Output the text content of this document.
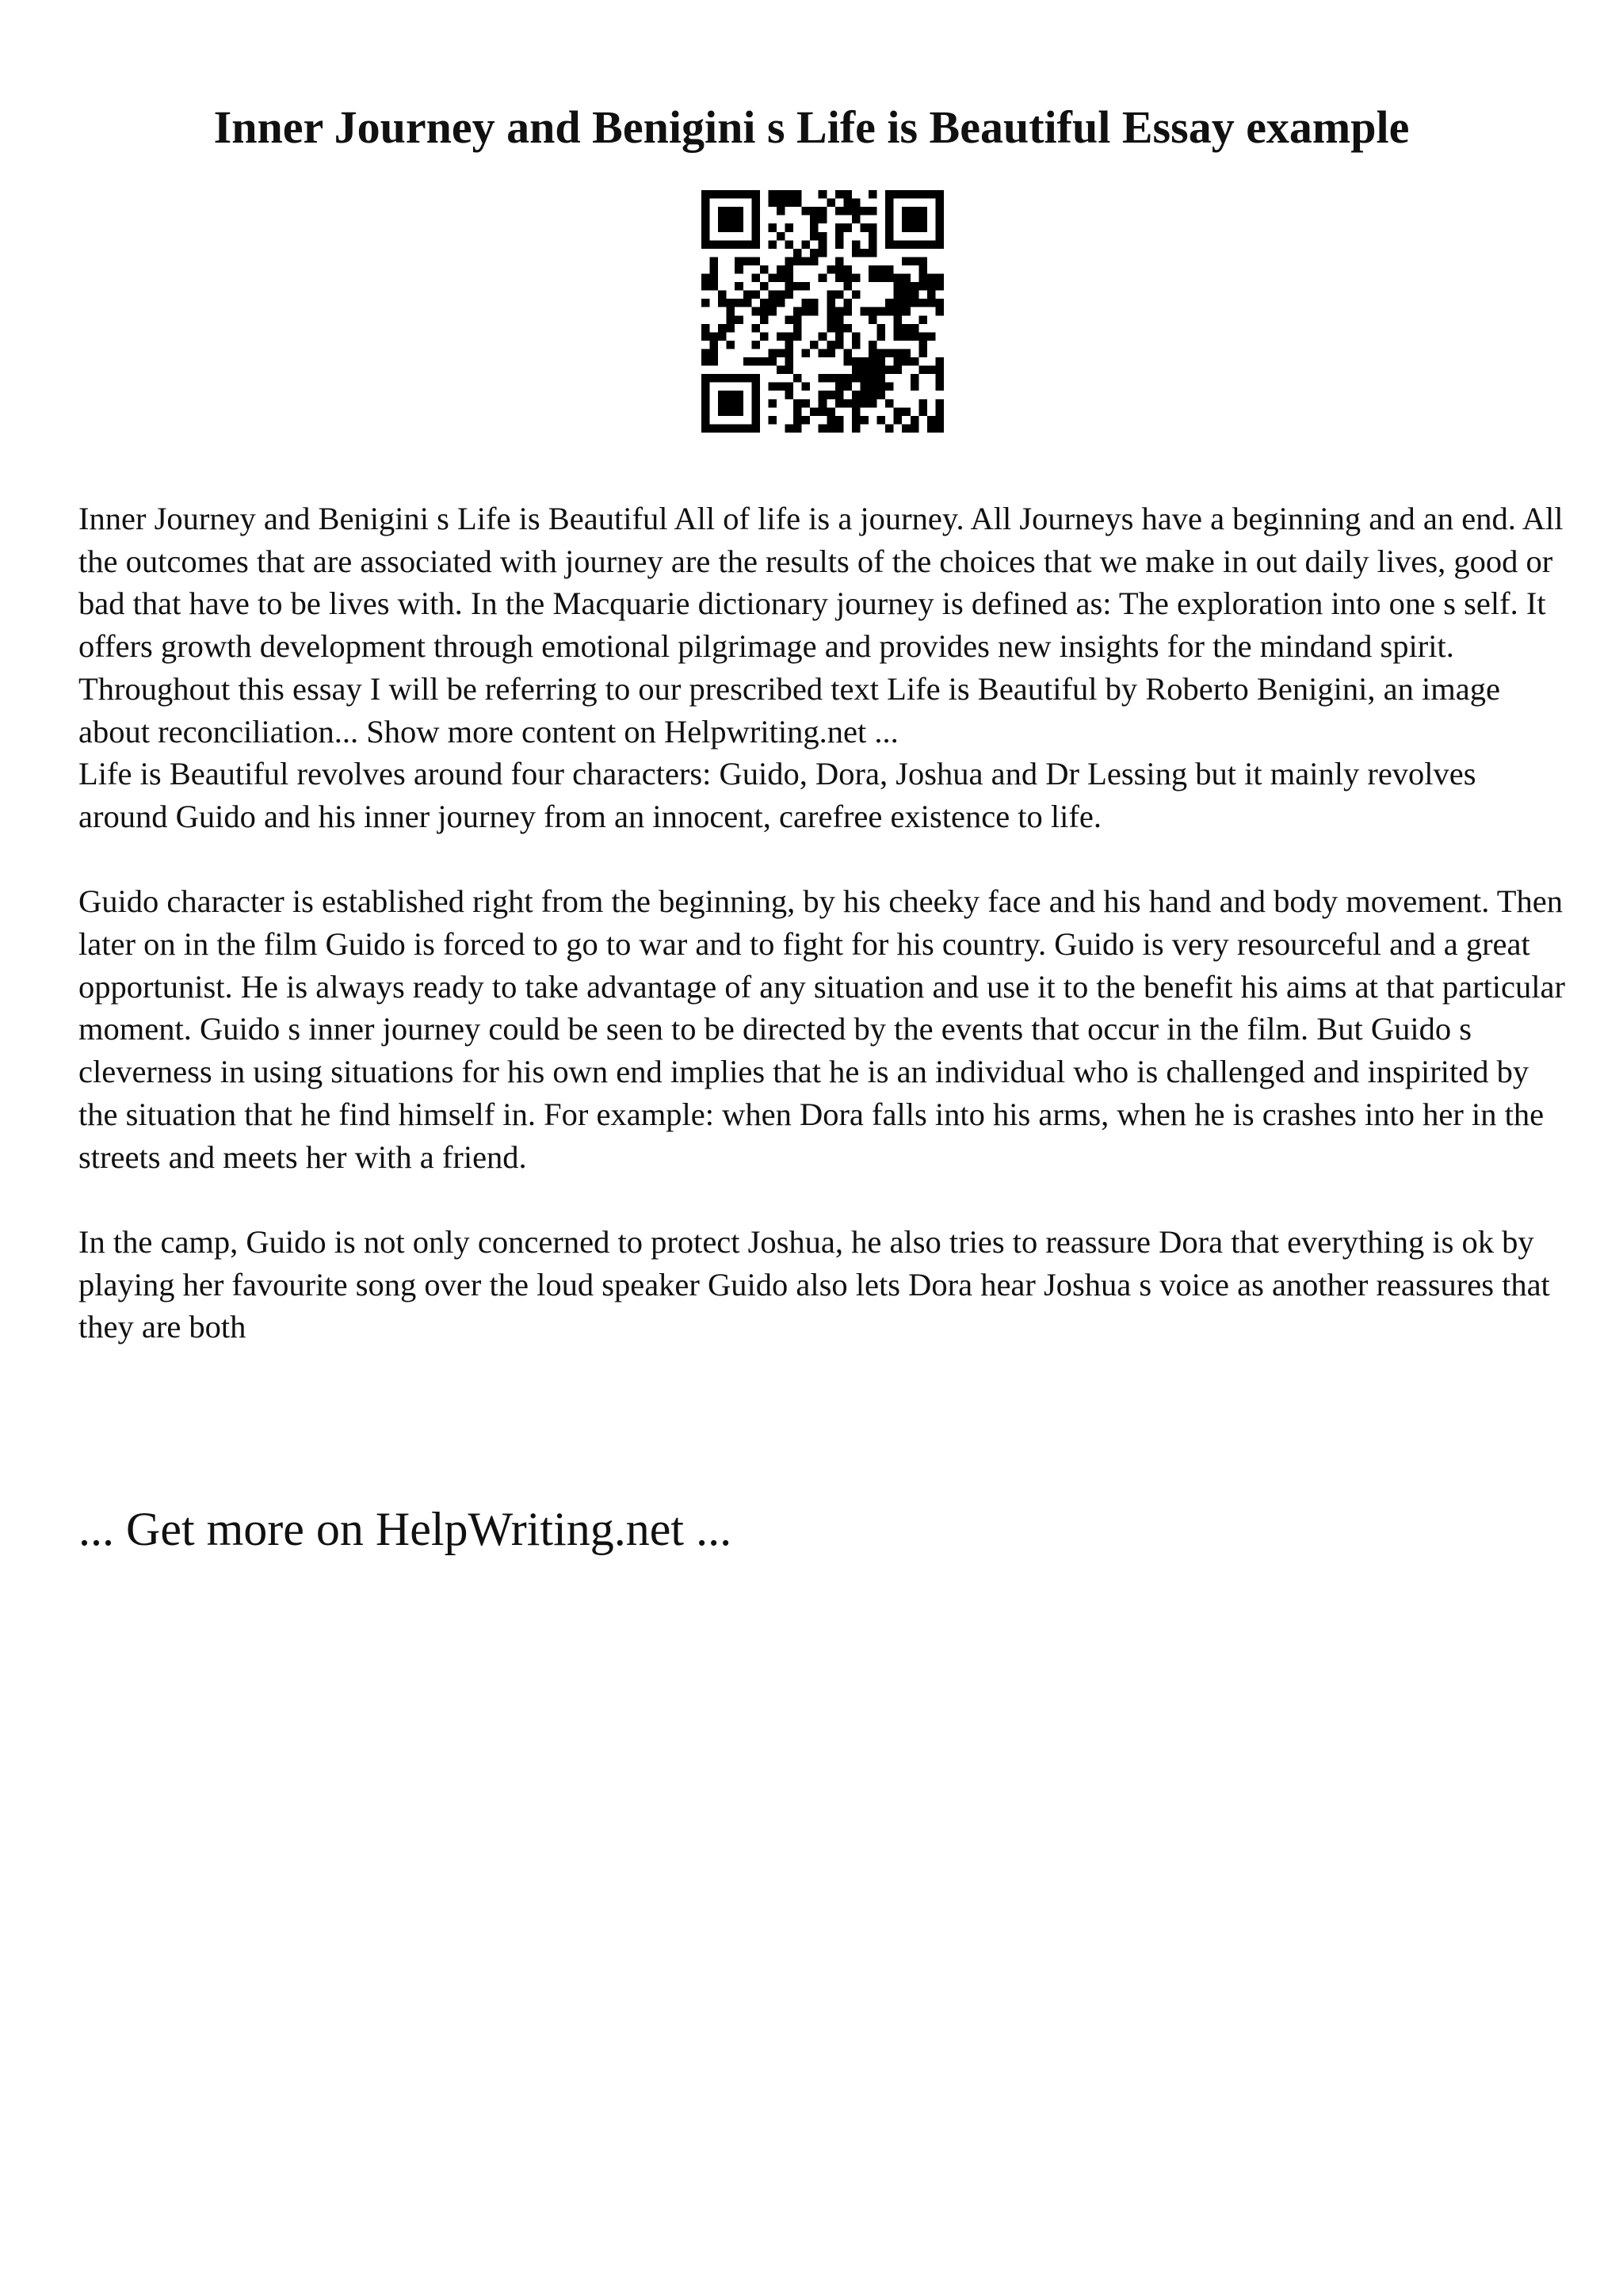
Inner Journey and Benigini s Life is Beautiful Essay example

Inner Journey and Benigini s Life is Beautiful All of life is a journey. All Journeys have a beginning and an end. All the outcomes that are associated with journey are the results of the choices that we make in out daily lives, good or bad that have to be lives with. In the Macquarie dictionary journey is defined as: The exploration into one s self. It offers growth development through emotional pilgrimage and provides new insights for the mindand spirit. Throughout this essay I will be referring to our prescribed text Life is Beautiful by Roberto Benigini, an image about reconciliation... Show more content on Helpwriting.net ...

Life is Beautiful revolves around four characters: Guido, Dora, Joshua and Dr Lessing but it mainly revolves around Guido and his inner journey from an innocent, carefree existence to life.

Guido character is established right from the beginning, by his cheeky face and his hand and body movement. Then later on in the film Guido is forced to go to war and to fight for his country. Guido is very resourceful and a great opportunist. He is always ready to take advantage of any situation and use it to the benefit his aims at that particular moment. Guido s inner journey could be seen to be directed by the events that occur in the film. But Guido s cleverness in using situations for his own end implies that he is an individual who is challenged and inspirited by the situation that he find himself in. For example: when Dora falls into his arms, when he is crashes into her in the streets and meets her with a friend.

In the camp, Guido is not only concerned to protect Joshua, he also tries to reassure Dora that everything is ok by playing her favourite song over the loud speaker Guido also lets Dora hear Joshua s voice as another reassures that they are both

... Get more on HelpWriting.net ...
